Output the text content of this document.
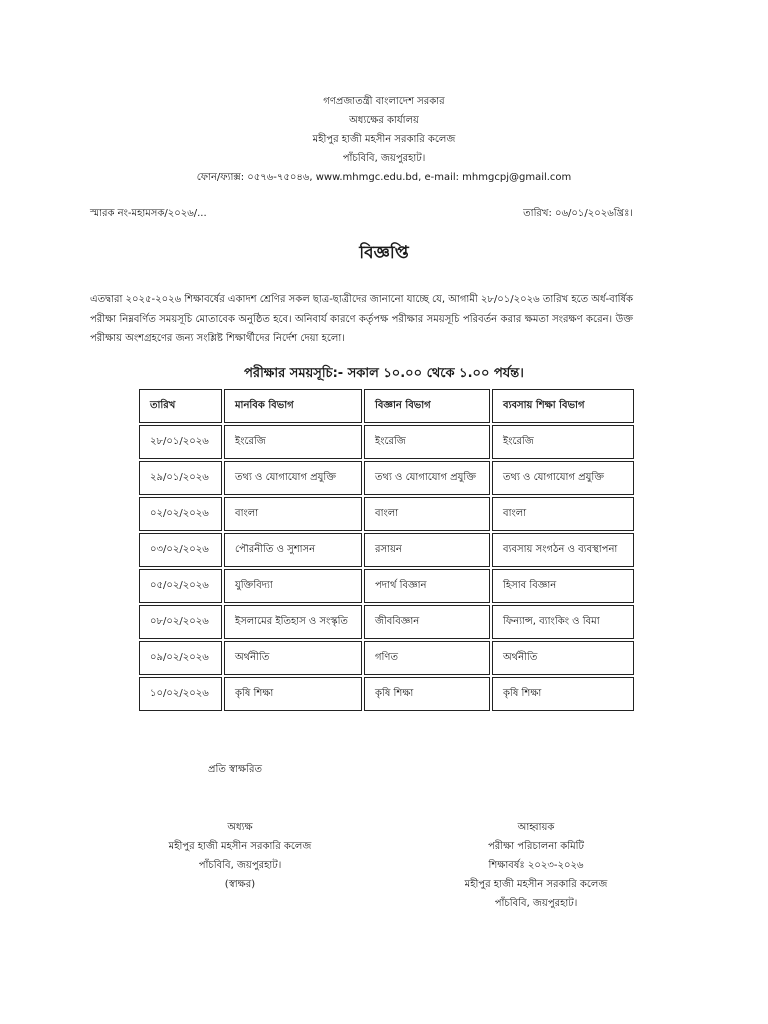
গণপ্রজাতন্ত্রী বাংলাদেশ সরকার
অধ্যক্ষের কার্যালয়
মহীপুর হাজী মহসীন সরকারি কলেজ
পাঁচবিবি, জয়পুরহাট।
ফোন/ফ্যাক্স: ০৫৭৬-৭৫০৪৬, www.mhmgc.edu.bd, e-mail: mhmgcpj@gmail.com
স্মারক নং-মহামসক/২০২৬/...	তারিখ: ০৬/০১/২০২৬খ্রিঃ।
বিজ্ঞপ্তি
এতদ্বারা ২০২৫-২০২৬ শিক্ষাবর্ষের একাদশ শ্রেণির সকল ছাত্র-ছাত্রীদের জানানো যাচ্ছে যে, আগামী ২৮/০১/২০২৬ তারিখ হতে অর্ধ-বার্ষিক পরীক্ষা নিম্নবর্ণিত সময়সূচি মোতাবেক অনুষ্ঠিত হবে। অনিবার্য কারণে কর্তৃপক্ষ পরীক্ষার সময়সূচি পরিবর্তন করার ক্ষমতা সংরক্ষণ করেন। উক্ত পরীক্ষায় অংশগ্রহণের জন্য সংশ্লিষ্ট শিক্ষার্থীদের নির্দেশ দেয়া হলো।
পরীক্ষার সময়সূচি:- সকাল ১০.০০ থেকে ১.০০ পর্যন্ত।
তারিখ	মানবিক বিভাগ	বিজ্ঞান বিভাগ	ব্যবসায় শিক্ষা বিভাগ
২৮/০১/২০২৬	ইংরেজি	ইংরেজি	ইংরেজি
২৯/০১/২০২৬	তথ্য ও যোগাযোগ প্রযুক্তি	তথ্য ও যোগাযোগ প্রযুক্তি	তথ্য ও যোগাযোগ প্রযুক্তি
০২/০২/২০২৬	বাংলা	বাংলা	বাংলা
০৩/০২/২০২৬	পৌরনীতি ও সুশাসন	রসায়ন	ব্যবসায় সংগঠন ও ব্যবস্থাপনা
০৫/০২/২০২৬	যুক্তিবিদ্যা	পদার্থ বিজ্ঞান	হিসাব বিজ্ঞান
০৮/০২/২০২৬	ইসলামের ইতিহাস ও সংস্কৃতি	জীববিজ্ঞান	ফিন্যান্স, ব্যাংকিং ও বিমা
০৯/০২/২০২৬	অর্থনীতি	গণিত	অর্থনীতি
১০/০২/২০২৬	কৃষি শিক্ষা	কৃষি শিক্ষা	কৃষি শিক্ষা
প্রতি স্বাক্ষরিত
অধ্যক্ষ
মহীপুর হাজী মহসীন সরকারি কলেজ
পাঁচবিবি, জয়পুরহাট।
(স্বাক্ষর)
আহ্বায়ক
পরীক্ষা পরিচালনা কমিটি
শিক্ষাবর্ষঃ ২০২৩-২০২৬
মহীপুর হাজী মহসীন সরকারি কলেজ
পাঁচবিবি, জয়পুরহাট।
